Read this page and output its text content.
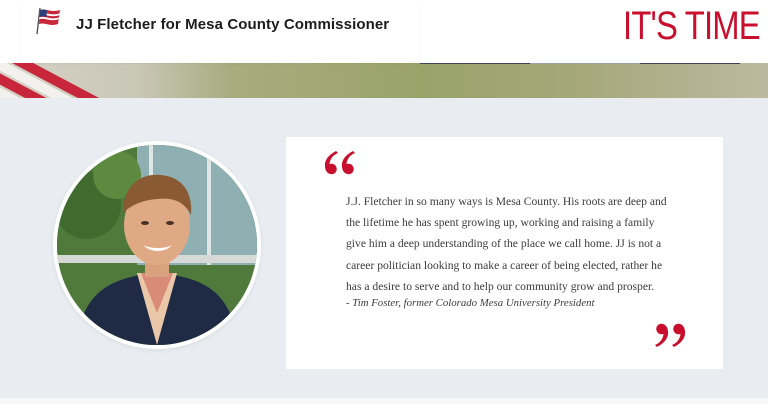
JJ Fletcher for Mesa County Commissioner	IT'S TIME

J.J. Fletcher in so many ways is Mesa County. His roots are deep and
the lifetime he has spent growing up, working and raising a family
give him a deep understanding of the place we call home. JJ is not a
career politician looking to make a career of being elected, rather he
has a desire to serve and to help our community grow and prosper.

- Tim Foster, former Colorado Mesa University President
